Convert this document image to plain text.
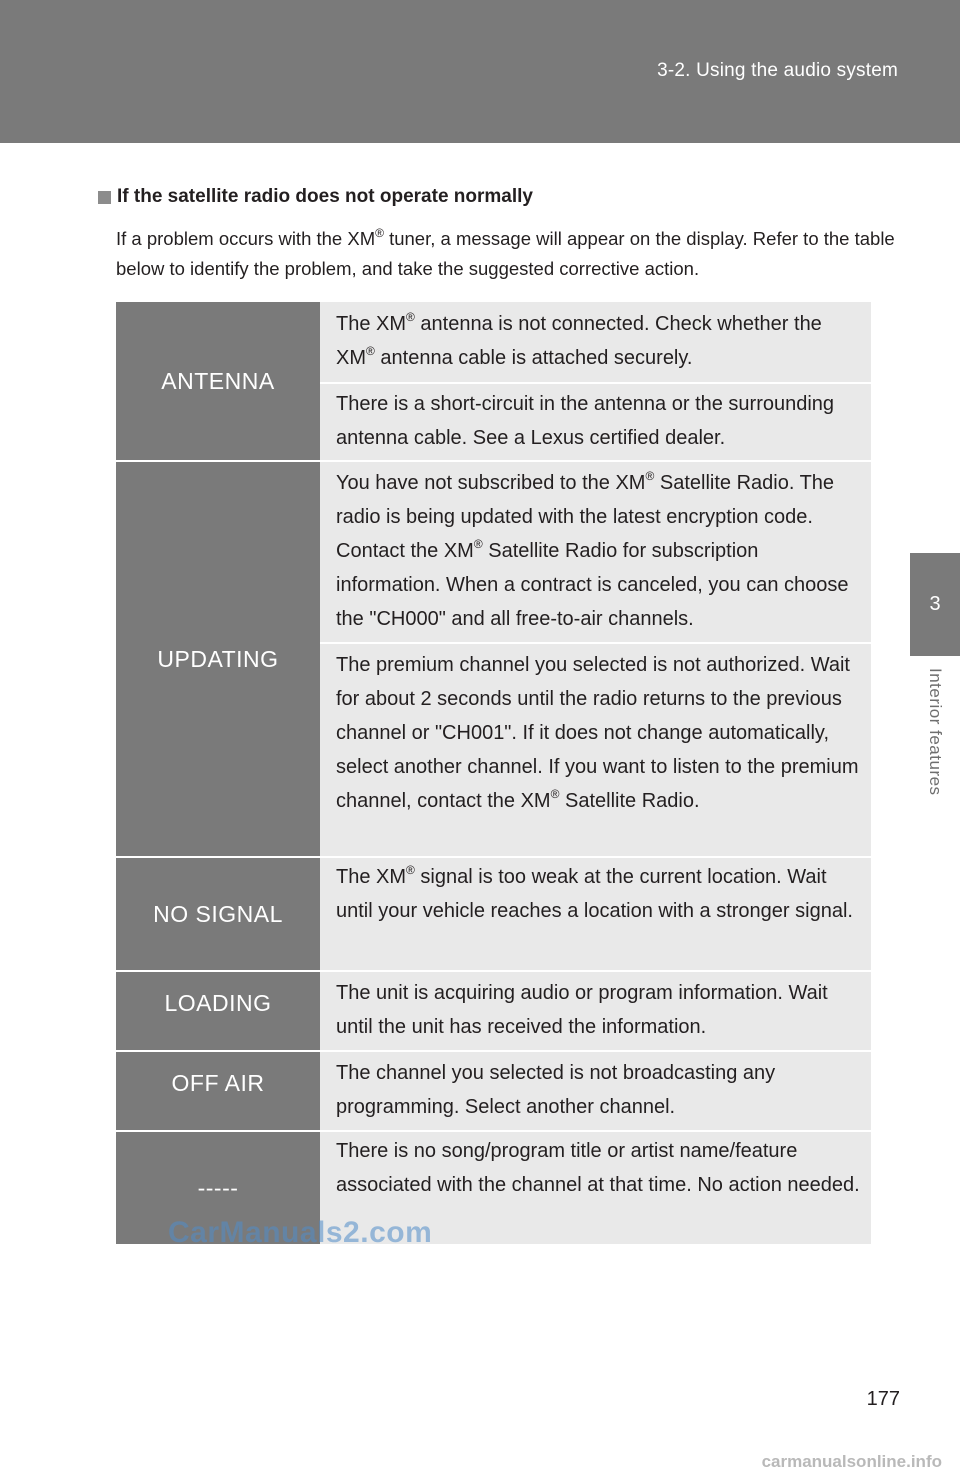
3-2. Using the audio system
3
Interior features
If the satellite radio does not operate normally
If a problem occurs with the XM® tuner, a message will appear on the display. Refer to the table below to identify the problem, and take the suggested corrective action.
ANTENNA
The XM® antenna is not connected. Check whether the XM® antenna cable is attached securely.
There is a short-circuit in the antenna or the surrounding antenna cable. See a Lexus certified dealer.
UPDATING
You have not subscribed to the XM® Satellite Radio. The radio is being updated with the latest encryption code. Contact the XM® Satellite Radio for subscription information. When a contract is canceled, you can choose the "CH000" and all free-to-air channels.
The premium channel you selected is not authorized. Wait for about 2 seconds until the radio returns to the previous channel or "CH001". If it does not change automatically, select another channel. If you want to listen to the premium channel, contact the XM® Satellite Radio.
NO SIGNAL
The XM® signal is too weak at the current location. Wait until your vehicle reaches a location with a stronger signal.
LOADING	The unit is acquiring audio or program information. Wait until the unit has received the information.
OFF AIR	The channel you selected is not broadcasting any programming. Select another channel.
-----
There is no song/program title or artist name/feature associated with the channel at that time. No action needed.
CarManuals2.com
177
carmanualsonline.info
